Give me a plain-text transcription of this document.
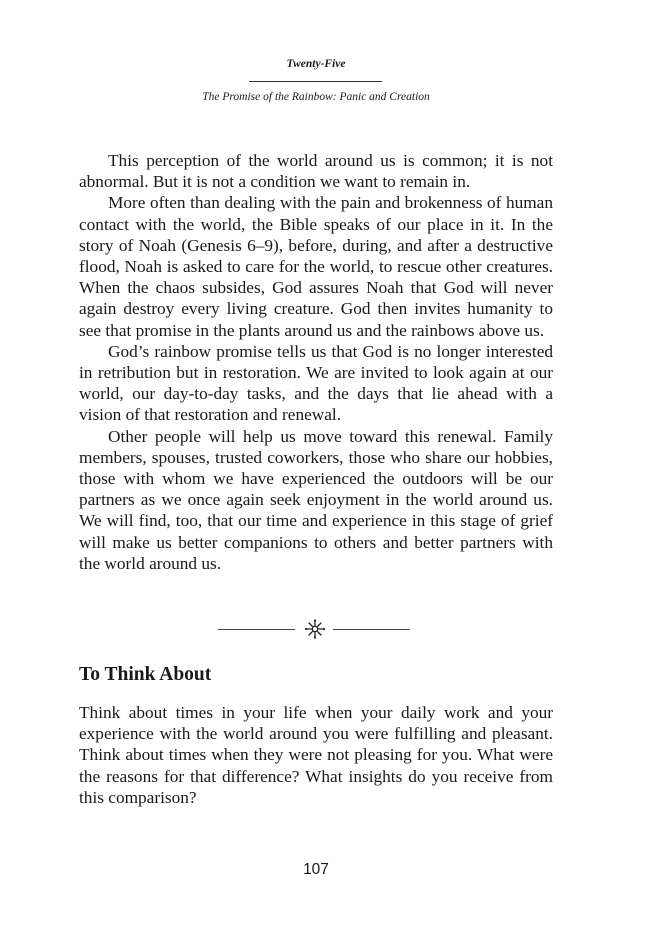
Twenty-Five
The Promise of the Rainbow: Panic and Creation

This perception of the world around us is common; it is not abnormal. But it is not a condition we want to remain in.

More often than dealing with the pain and brokenness of human contact with the world, the Bible speaks of our place in it. In the story of Noah (Genesis 6–9), before, during, and after a destructive flood, Noah is asked to care for the world, to rescue other creatures. When the chaos subsides, God assures Noah that God will never again destroy every living creature. God then invites humanity to see that promise in the plants around us and the rainbows above us.

God’s rainbow promise tells us that God is no longer interested in retribution but in restoration. We are invited to look again at our world, our day-to-day tasks, and the days that lie ahead with a vision of that restoration and renewal.

Other people will help us move toward this renewal. Family members, spouses, trusted coworkers, those who share our hobbies, those with whom we have experienced the outdoors will be our partners as we once again seek enjoyment in the world around us. We will find, too, that our time and experience in this stage of grief will make us better companions to others and better partners with the world around us.

To Think About

Think about times in your life when your daily work and your experience with the world around you were fulfilling and pleasant. Think about times when they were not pleasing for you. What were the reasons for that difference? What insights do you receive from this comparison?

107
